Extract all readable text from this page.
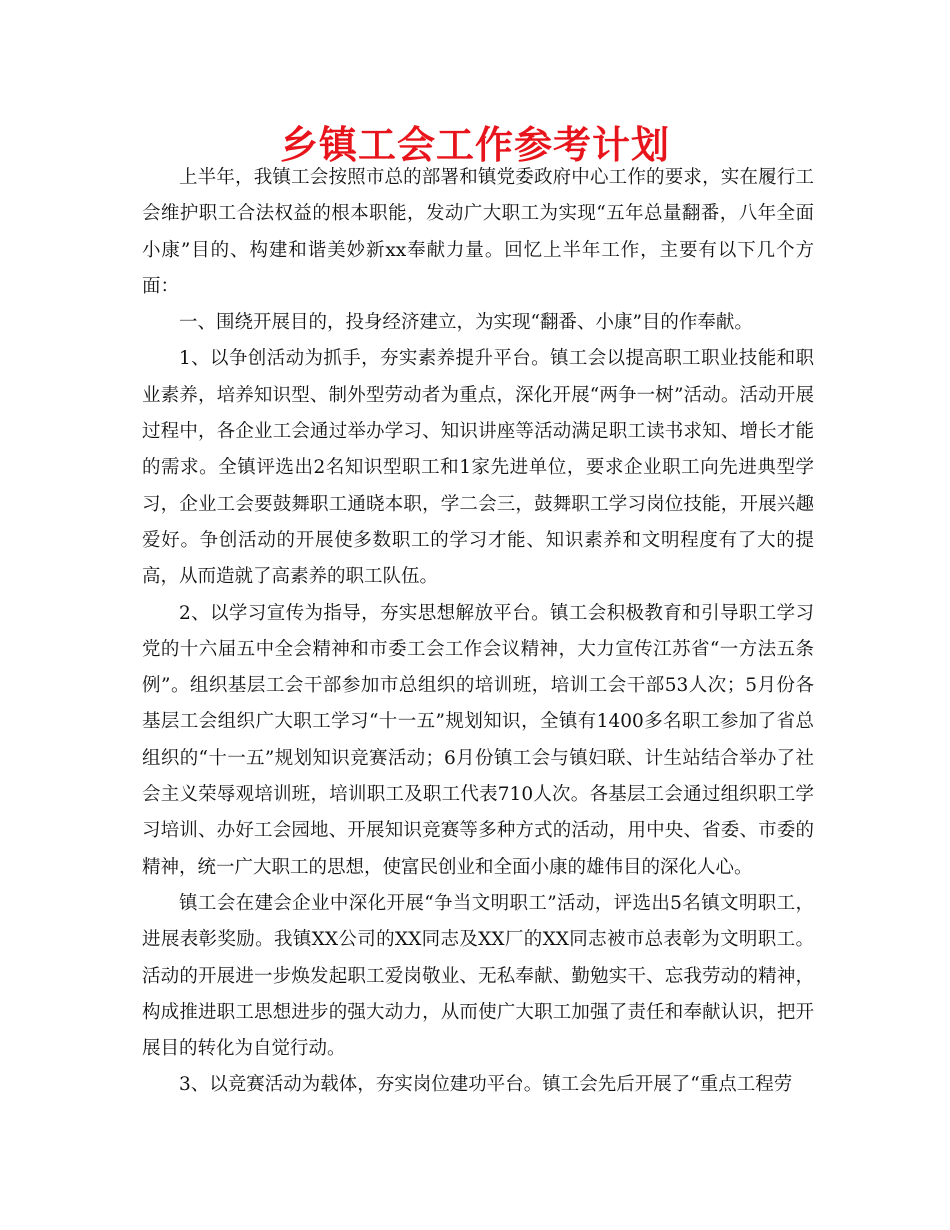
乡镇工会工作参考计划

上半年，我镇工会按照市总的部署和镇党委政府中心工作的要求，实在履行工会维护职工合法权益的根本职能，发动广大职工为实现“五年总量翻番，八年全面小康”目的、构建和谐美妙新xx奉献力量。回忆上半年工作，主要有以下几个方面：

一、围绕开展目的，投身经济建立，为实现“翻番、小康”目的作奉献。

1、以争创活动为抓手，夯实素养提升平台。镇工会以提高职工职业技能和职业素养，培养知识型、制外型劳动者为重点，深化开展“两争一树”活动。活动开展过程中，各企业工会通过举办学习、知识讲座等活动满足职工读书求知、增长才能的需求。全镇评选出2名知识型职工和1家先进单位，要求企业职工向先进典型学习，企业工会要鼓舞职工通晓本职，学二会三，鼓舞职工学习岗位技能，开展兴趣爱好。争创活动的开展使多数职工的学习才能、知识素养和文明程度有了大的提高，从而造就了高素养的职工队伍。

2、以学习宣传为指导，夯实思想解放平台。镇工会积极教育和引导职工学习党的十六届五中全会精神和市委工会工作会议精神，大力宣传江苏省“一方法五条例”。组织基层工会干部参加市总组织的培训班，培训工会干部53人次；5月份各基层工会组织广大职工学习“十一五”规划知识，全镇有1400多名职工参加了省总组织的“十一五”规划知识竞赛活动；6月份镇工会与镇妇联、计生站结合举办了社会主义荣辱观培训班，培训职工及职工代表710人次。各基层工会通过组织职工学习培训、办好工会园地、开展知识竞赛等多种方式的活动，用中央、省委、市委的精神，统一广大职工的思想，使富民创业和全面小康的雄伟目的深化人心。

镇工会在建会企业中深化开展“争当文明职工”活动，评选出5名镇文明职工，进展表彰奖励。我镇XX公司的XX同志及XX厂的XX同志被市总表彰为文明职工。活动的开展进一步焕发起职工爱岗敬业、无私奉献、勤勉实干、忘我劳动的精神，构成推进职工思想进步的强大动力，从而使广大职工加强了责任和奉献认识，把开展目的转化为自觉行动。

3、以竞赛活动为载体，夯实岗位建功平台。镇工会先后开展了“重点工程劳
